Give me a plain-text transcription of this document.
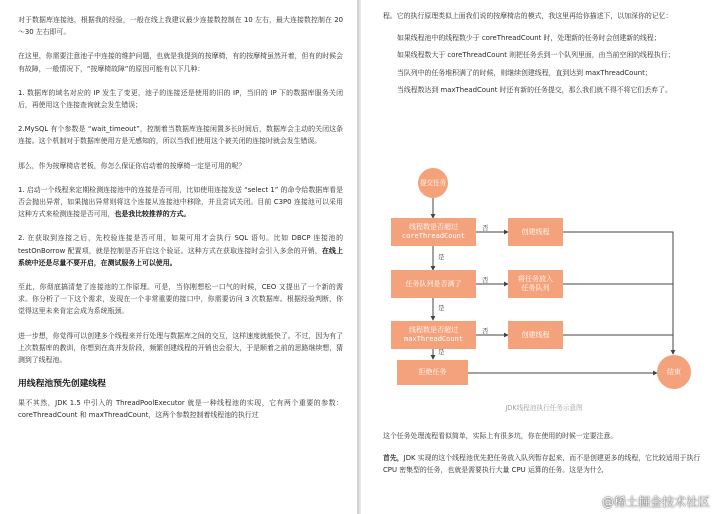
对于数据库连接池，根据我的经验，一般在线上我建议最少连接数控制在 10 左右，最大连接数控制在 20～30 左右即可。

在这里，你需要注意池子中连接的维护问题，也就是我提到的按摩椅，有的按摩椅虽然开着，但有的时候会有故障，一般情况下，“按摩椅故障”的原因可能有以下几种：

1. 数据库的域名对应的 IP 发生了变更，池子的连接还是使用的旧的 IP，当旧的 IP 下的数据库服务关闭后，再使用这个连接查询就会发生错误；

2.MySQL 有个参数是 “wait_timeout”，控制着当数据库连接闲置多长时间后，数据库会主动的关闭这条连接。这个机制对于数据库使用方是无感知的，所以当我们使用这个被关闭的连接时就会发生错误。

那么，作为按摩椅店老板，你怎么保证你启动着的按摩椅一定是可用的呢？

1. 启动一个线程来定期检测连接池中的连接是否可用，比如使用连接发送 “select 1” 的命令给数据库看是否会抛出异常，如果抛出异常则将这个连接从连接池中移除，并且尝试关闭。目前 C3P0 连接池可以采用这种方式来检测连接是否可用，也是我比较推荐的方式。

2. 在获取到连接之后，先校验连接是否可用，如果可用才会执行 SQL 语句。比如 DBCP 连接池的 testOnBorrow 配置项，就是控制是否开启这个验证。这种方式在获取连接时会引入多余的开销，在线上系统中还是尽量不要开启，在测试服务上可以使用。

至此，你彻底搞清楚了连接池的工作原理。可是，当你刚想松一口气的时候，CEO 又提出了一个新的需求。你分析了一下这个需求，发现在一个非常重要的接口中，你需要访问 3 次数据库。根据经验判断，你觉得这里未来肯定会成为系统瓶颈。

进一步想，你觉得可以创建多个线程来并行处理与数据库之间的交互，这样速度就能快了。不过，因为有了上次数据库的教训，你想到在高并发阶段，频繁创建线程的开销也会很大，于是顺着之前的思路继续想，猜测到了线程池。

用线程池预先创建线程

果不其然，JDK 1.5 中引入的 ThreadPoolExecutor 就是一种线程池的实现，它有两个重要的参数：coreThreadCount 和 maxThreadCount，这两个参数控制着线程池的执行过

程。它的执行原理类似上面我们说的按摩椅店的模式，我这里再给你描述下，以加深你的记忆：

如果线程池中的线程数少于 coreThreadCount 时，处理新的任务时会创建新的线程；

如果线程数大于 coreThreadCount 则把任务丢到一个队列里面，由当前空闲的线程执行；

当队列中的任务堆积满了的时候，则继续创建线程，直到达到 maxThreadCount；

当线程数达到 maxTheadCount 时还有新的任务提交，那么我们就不得不将它们丢弃了。

提交任务
线程数是否超过
coreThreadCount
任务队列是否满了
线程数是否超过
maxThreadCount
拒绝任务
创建线程
将任务放入
任务队列
创建线程
结束
否
否
否
是
是
是
JDK线程池执行任务示意图

这个任务处理流程看似简单，实际上有很多坑，你在使用的时候一定要注意。

首先，JDK 实现的这个线程池优先把任务放入队列暂存起来，而不是创建更多的线程，它比较适用于执行 CPU 密集型的任务，也就是需要执行大量 CPU 运算的任务。这是为什么

@稀土掘金技术社区
